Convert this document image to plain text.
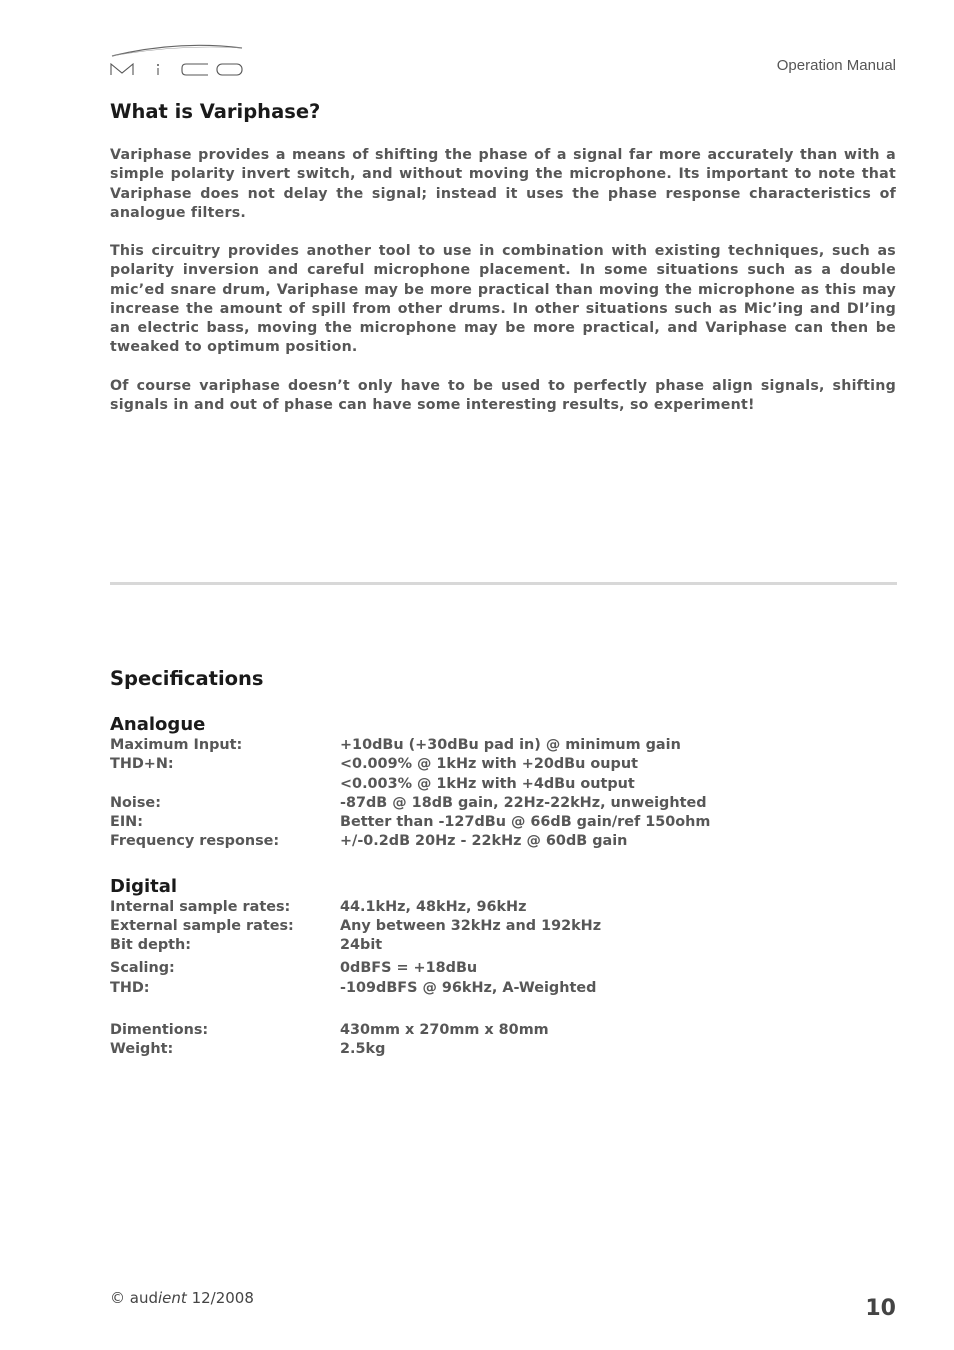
Operation Manual
What is Variphase?

Variphase provides a means of shifting the phase of a signal far more accurately than with a simple polarity invert switch, and without moving the microphone. Its important to note that Variphase does not delay the signal; instead it uses the phase response characteristics of analogue filters.

This circuitry provides another tool to use in combination with existing techniques, such as polarity inversion and careful microphone placement. In some situations such as a double mic’ed snare drum, Variphase may be more practical than moving the microphone as this may increase the amount of spill from other drums. In other situations such as Mic’ing and DI’ing an electric bass, moving the microphone may be more practical, and Variphase can then be tweaked to optimum position.

Of course variphase doesn’t only have to be used to perfectly phase align signals, shifting signals in and out of phase can have some interesting results, so experiment!

Specifications
Analogue
Maximum Input:	+10dBu (+30dBu pad in) @ minimum gain
THD+N:	<0.009% @ 1kHz with +20dBu ouput
<0.003% @ 1kHz with +4dBu output
Noise:	-87dB @ 18dB gain, 22Hz-22kHz, unweighted
EIN:	Better than -127dBu @ 66dB gain/ref 150ohm
Frequency response:	+/-0.2dB 20Hz - 22kHz @ 60dB gain
Digital
Internal sample rates:	44.1kHz, 48kHz, 96kHz
External sample rates:	Any between 32kHz and 192kHz
Bit depth:	24bit
Scaling:	0dBFS = +18dBu
THD:	-109dBFS @ 96kHz, A-Weighted
Dimentions:	430mm x 270mm x 80mm
Weight:	2.5kg
© audient 12/2008	10
